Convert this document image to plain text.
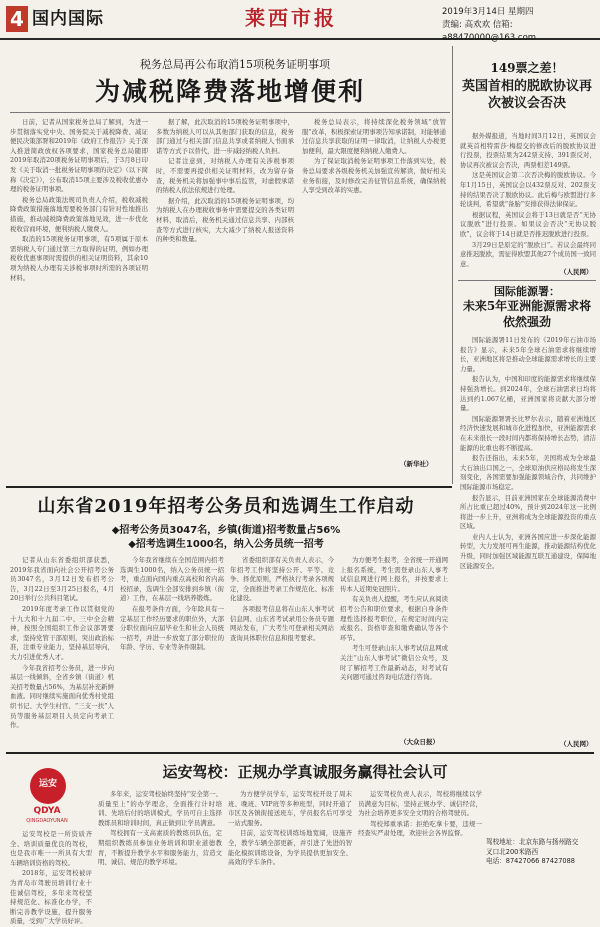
4 国内国际	莱西市报	2019年3月14日 星期四
责编: 高欢欢 信箱: a88470000@163.com
税务总局再公布取消15项税务证明事项
为减税降费落地增便利

日前，记者从国家税务总局了解到，为进一步贯彻落实党中央、国务院关于减税降费、减证便民决策部署和2019年《政府工作报告》关于深入推进简政放权各项要求，国家税务总局随即2019年取消20项税务证明事项后，于3月8日印发《关于取消一批税务证明事项的决定》（以下简称《决定》），公布取消15项主要涉及税收优惠办理的税务证明事项。

税务总局政策法规司负责人介绍，税收减税降费政策措施落地需要税务部门有针对性地推出措施，推动减税降费政策落地见效，进一步优化税收营商环境，便利纳税人缴费人。

取消的15项税务证明事项，有5项属于原本需纳税人专门通过第三方取得的证明，例如办理税收优惠事项时需提供的相关证明资料，其余10项为纳税人办理有关涉税事项时所需的各项证明材料。

据了解，此次取消的15项税务证明事项中，多数为纳税人可以从其他部门获取的信息，税务部门通过与相关部门信息共享或者纳税人书面承诺等方式予以替代，进一步减轻纳税人负担。

记者注意到，对纳税人办理有关涉税事项时，不需要再提供相关证明材料，改为留存备查，税务机关将加强事中事后监管，对虚假承诺的纳税人依法依规进行处理。

据介绍，此次取消的15项税务证明事项，均为纳税人在办理税收事务中需要提交的各类证明材料，取消后，税务机关通过信息共享、内部核查等方式进行核实，大大减少了纳税人报送资料的种类和数量。

税务总局表示，将持续深化税务领域“放管服”改革，积极探索证明事项告知承诺制，对能够通过信息共享获取的证明一律取消，让纳税人办税更加便利，最大限度便利纳税人缴费人。

为了保证取消税务证明事项工作落到实处，税务总局要求各级税务机关加强宣传解读，做好相关业务衔接，及时修改完善征管信息系统，确保纳税人享受到改革的实惠。

（新华社）
149票之差！
英国首相的脱欧协议再次被议会否决

据外媒报道，当地时间3月12日，英国议会就英首相特雷莎·梅提交的修改后的脱欧协议进行投票，投票结果为242票支持、391票反对，协议再次被议会否决，两票相差149票。

这是英国议会第二次否决梅的脱欧协议。今年1月15日，英国议会以432票反对、202票支持的结果否决了脱欧协议。此后梅与欧盟进行多轮谈判，希望就“备胎”安排获得法律保证。

根据议程，英国议会将于13日就是否“无协议脱欧”进行投票。如果议会否决“无协议脱欧”，议会将于14日就是否推迟脱欧进行投票。

3月29日是原定的“脱欧日”。若议会最终同意推迟脱欧，需征得欧盟其他27个成员国一致同意。

（人民网）
国际能源署：
未来5年亚洲能源需求将依然强劲

国际能源署11日发布的《2019年石油市场报告》显示，未来5年全球石油需求将继续增长，亚洲地区将是推动全球能源需求增长的主要力量。

报告认为，中国和印度的能源需求将继续保持强劲增长。到2024年，全球石油需求日均将达到约1.067亿桶，亚洲国家将贡献大部分增量。

国际能源署署长比罗尔表示，随着亚洲地区经济快速发展和城市化进程加快，亚洲能源需求在未来很长一段时间内都将保持增长态势，清洁能源的比重也将不断提高。

报告还指出，未来5年，美国将成为全球最大石油出口国之一，全球原油供应格局将发生深刻变化，各国需要加强能源领域合作，共同维护国际能源市场稳定。

报告显示，目前亚洲国家在全球能源消费中所占比重已超过40%，预计到2024年这一比例将进一步上升，亚洲将成为全球能源投资的重点区域。

业内人士认为，亚洲各国应进一步深化能源转型，大力发展可再生能源，推动能源结构优化升级，同时加强区域能源互联互通建设，保障地区能源安全。

（人民网）
山东省2019年招考公务员和选调生工作启动
◆招考公务员3047名，乡镇(街道)招考数量占56%
◆招考选调生1000名，纳入公务员统一招考

记者从山东省委组织部获悉，2019年我省面向社会公开招考公务员3047名，3月12日发布招考公告，3月22日至3月25日报名，4月20日举行公共科目笔试。

2019年度考录工作以贯彻党的十九大和十九届二中、三中全会精神，按照全国组织工作会议部署要求，坚持党管干部原则，突出政治标准，注重专业能力，坚持基层导向，大力引进优秀人才。

今年我省招考公务员，进一步向基层一线倾斜，全省乡镇（街道）机关招考数量占56%，为基层补充新鲜血液。同时继续实施面向优秀村党组织书记、大学生村官、“三支一扶”人员等服务基层项目人员定向考录工作。

今年我省继续在全国范围内招考选调生1000名，纳入公务员统一招考，重点面向国内重点高校和省内高校招录，选调生全部安排到乡镇（街道）工作，在基层一线培养锻炼。

在报考条件方面，今年除具有一定基层工作经历要求的职位外，大部分职位面向应届毕业生和社会人员统一招考，并进一步放宽了部分职位的年龄、学历、专业等条件限制。

省委组织部有关负责人表示，今年招考工作将坚持公开、平等、竞争、择优原则，严格执行考录各项规定，全面推进考录工作规范化、标准化建设。

各项报考信息将在山东人事考试信息网、山东省考试录用公务员专题网站发布，广大考生可登录相关网站查询具体职位信息和报考要求。

为方便考生报考，全省统一开通网上报名系统，考生需登录山东人事考试信息网进行网上报名，并按要求上传本人近期免冠照片。

有关负责人提醒，考生应认真阅读招考公告和职位要求，根据自身条件理性选择报考职位，在规定时间内完成报名、资格审查和缴费确认等各个环节。

考生可登录山东人事考试信息网或关注“山东人事考试”微信公众号，及时了解招考工作最新动态，对考试有关问题可通过咨询电话进行咨询。

（大众日报）
运安
QDYA
QINGDAOYUNAN
运安驾校：正规办学真诚服务赢得社会认可

运安驾校是一所资质齐全、培训质量优良的驾校，也是我市唯一一所具有大型车辆培训资格的驾校。

2018年，运安驾校被评为青岛市驾驶员培训行业十佳诚信驾校，多年来驾校坚持规范化、标准化办学，不断完善教学设施，提升服务质量，受到广大学员好评。

多年来，运安驾校始终坚持“安全第一、质量至上”的办学理念，全面推行计时培训、先培后付的培训模式，学员可自主选择教练员和培训时间，真正做到让学员满意。

驾校拥有一支高素质的教练员队伍，定期组织教练员参加业务培训和职业道德教育，不断提升教学水平和服务能力，营造文明、诚信、规范的教学环境。

为方便学员学车，运安驾校开设了周末班、晚班、VIP班等多种班型，同时开通了市区及各镇街接送班车，学员报名后可享受一站式服务。

目前，运安驾校训练场地宽阔，设施齐全，教学车辆全部更新，并引进了先进的智能化模拟训练设备，为学员提供更加安全、高效的学车条件。

运安驾校负责人表示，驾校将继续以学员满意为目标，坚持正规办学、诚信经营，为社会培养更多安全文明的合格驾驶员。

驾校郑重承诺：拒绝吃拿卡要，违规一经查实严肃处理，欢迎社会各界监督。

驾校地址：北京东路与扬州路交
叉口北200米路西
电话：87427066 87427088
